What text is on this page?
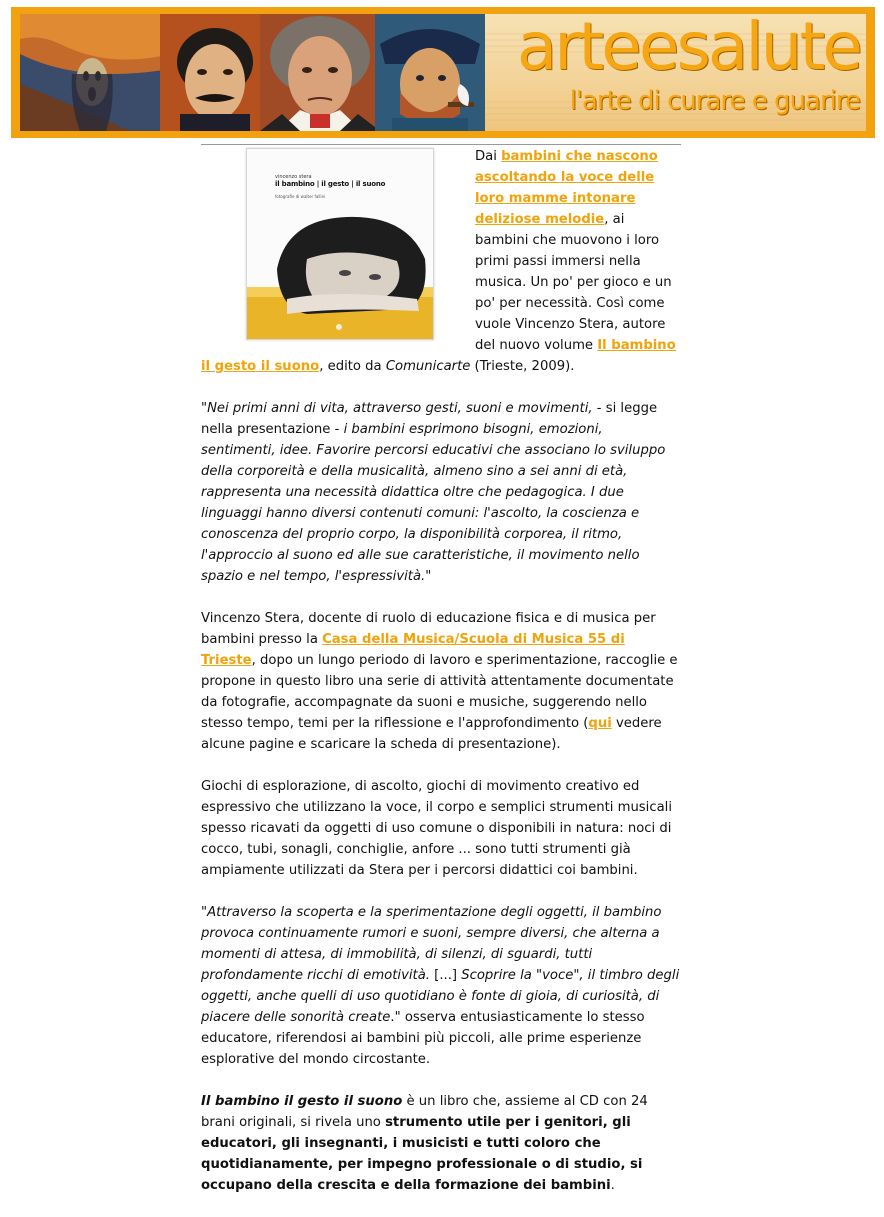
arteesalute
l'arte di curare e guarire
vincenzo stera
il bambino | il gesto | il suono
fotografie di walter fallini

Dai bambini che nascono ascoltando la voce delle loro mamme intonare deliziose melodie, ai bambini che muovono i loro primi passi immersi nella musica. Un po' per gioco e un po' per necessità. Così come vuole Vincenzo Stera, autore del nuovo volume Il bambino il gesto il suono, edito da Comunicarte (Trieste, 2009).

"Nei primi anni di vita, attraverso gesti, suoni e movimenti, - si legge nella presentazione - i bambini esprimono bisogni, emozioni, sentimenti, idee. Favorire percorsi educativi che associano lo sviluppo della corporeità e della musicalità, almeno sino a sei anni di età, rappresenta una necessità didattica oltre che pedagogica. I due linguaggi hanno diversi contenuti comuni: l'ascolto, la coscienza e conoscenza del proprio corpo, la disponibilità corporea, il ritmo, l'approccio al suono ed alle sue caratteristiche, il movimento nello spazio e nel tempo, l'espressività."

Vincenzo Stera, docente di ruolo di educazione fisica e di musica per bambini presso la Casa della Musica/Scuola di Musica 55 di Trieste, dopo un lungo periodo di lavoro e sperimentazione, raccoglie e propone in questo libro una serie di attività attentamente documentate da fotografie, accompagnate da suoni e musiche, suggerendo nello stesso tempo, temi per la riflessione e l'approfondimento (qui vedere alcune pagine e scaricare la scheda di presentazione).

Giochi di esplorazione, di ascolto, giochi di movimento creativo ed espressivo che utilizzano la voce, il corpo e semplici strumenti musicali spesso ricavati da oggetti di uso comune o disponibili in natura: noci di cocco, tubi, sonagli, conchiglie, anfore ... sono tutti strumenti già ampiamente utilizzati da Stera per i percorsi didattici coi bambini.

"Attraverso la scoperta e la sperimentazione degli oggetti, il bambino provoca continuamente rumori e suoni, sempre diversi, che alterna a momenti di attesa, di immobilità, di silenzi, di sguardi, tutti profondamente ricchi di emotività. [...] Scoprire la "voce", il timbro degli oggetti, anche quelli di uso quotidiano è fonte di gioia, di curiosità, di piacere delle sonorità create." osserva entusiasticamente lo stesso educatore, riferendosi ai bambini più piccoli, alle prime esperienze esplorative del mondo circostante.

Il bambino il gesto il suono è un libro che, assieme al CD con 24 brani originali, si rivela uno strumento utile per i genitori, gli educatori, gli insegnanti, i musicisti e tutti coloro che quotidianamente, per impegno professionale o di studio, si occupano della crescita e della formazione dei bambini.
